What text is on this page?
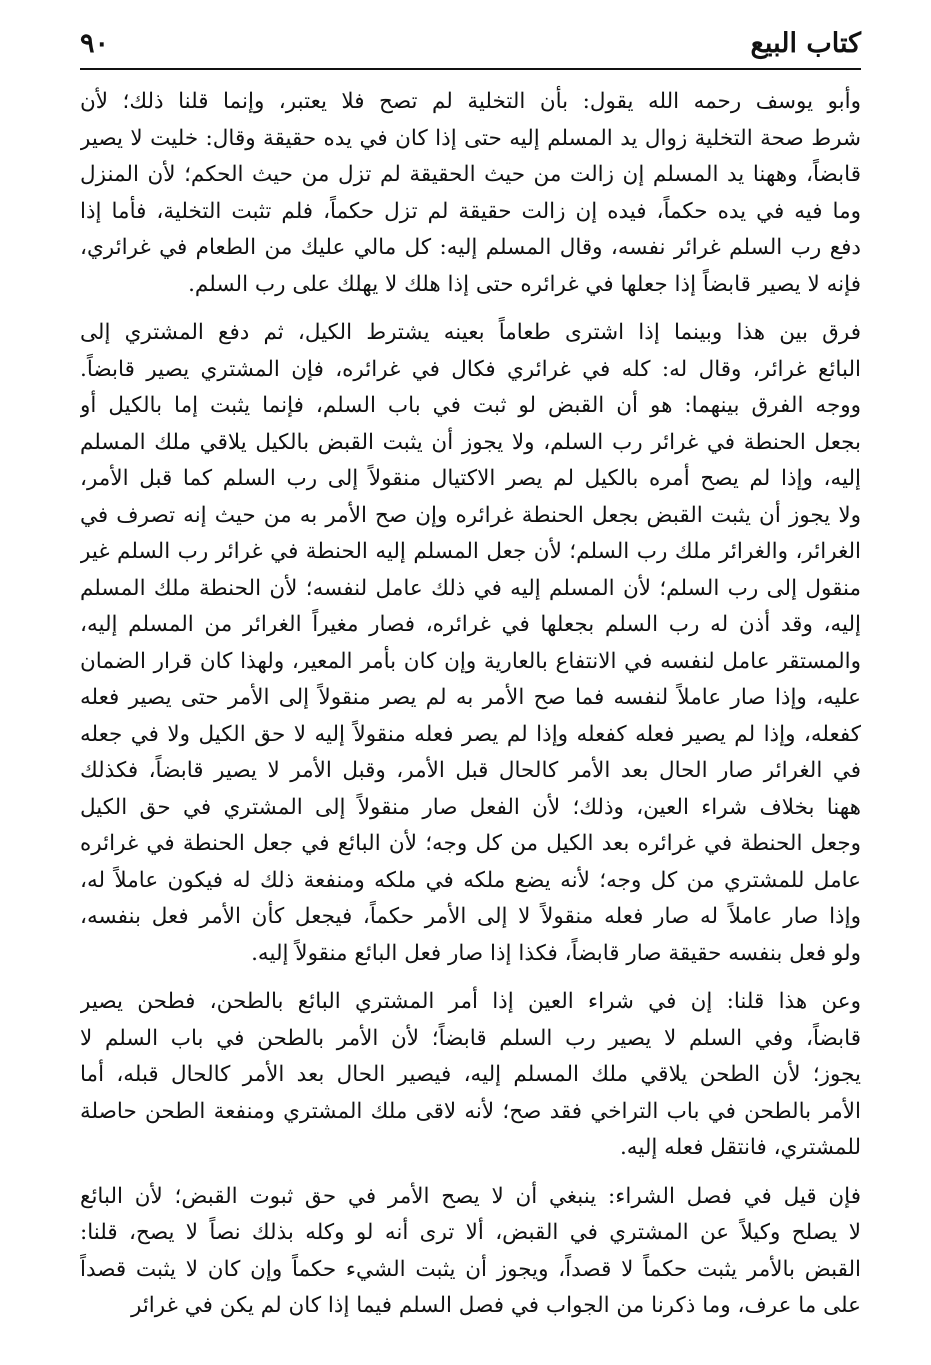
كتاب البيع
٩٠
وأبو يوسف رحمه الله يقول: بأن التخلية لم تصح فلا يعتبر، وإنما قلنا ذلك؛ لأن
شرط صحة التخلية زوال يد المسلم إليه حتى إذا كان في يده حقيقة وقال: خليت لا يصير
قابضاً، وههنا يد المسلم إن زالت من حيث الحقيقة لم تزل من حيث الحكم؛ لأن المنزل
وما فيه في يده حكماً، فيده إن زالت حقيقة لم تزل حكماً، فلم تثبت التخلية، فأما إذا
دفع رب السلم غرائر نفسه، وقال المسلم إليه: كل مالي عليك من الطعام في غرائري،
فإنه لا يصير قابضاً إذا جعلها في غرائره حتى إذا هلك لا يهلك على رب السلم.
فرق بين هذا وبينما إذا اشترى طعاماً بعينه يشترط الكيل، ثم دفع المشتري إلى
البائع غرائر، وقال له: كله في غرائري فكال في غرائره، فإن المشتري يصير قابضاً.
ووجه الفرق بينهما: هو أن القبض لو ثبت في باب السلم، فإنما يثبت إما بالكيل أو
بجعل الحنطة في غرائر رب السلم، ولا يجوز أن يثبت القبض بالكيل يلاقي ملك المسلم
إليه، وإذا لم يصح أمره بالكيل لم يصر الاكتيال منقولاً إلى رب السلم كما قبل الأمر،
ولا يجوز أن يثبت القبض بجعل الحنطة غرائره وإن صح الأمر به من حيث إنه تصرف في
الغرائر، والغرائر ملك رب السلم؛ لأن جعل المسلم إليه الحنطة في غرائر رب السلم غير
منقول إلى رب السلم؛ لأن المسلم إليه في ذلك عامل لنفسه؛ لأن الحنطة ملك المسلم
إليه، وقد أذن له رب السلم بجعلها في غرائره، فصار مغيراً الغرائر من المسلم إليه،
والمستقر عامل لنفسه في الانتفاع بالعارية وإن كان بأمر المعير، ولهذا كان قرار الضمان
عليه، وإذا صار عاملاً لنفسه فما صح الأمر به لم يصر منقولاً إلى الأمر حتى يصير فعله
كفعله، وإذا لم يصير فعله كفعله وإذا لم يصر فعله منقولاً إليه لا حق الكيل ولا في جعله
في الغرائر صار الحال بعد الأمر كالحال قبل الأمر، وقبل الأمر لا يصير قابضاً، فكذلك
ههنا بخلاف شراء العين، وذلك؛ لأن الفعل صار منقولاً إلى المشتري في حق الكيل
وجعل الحنطة في غرائره بعد الكيل من كل وجه؛ لأن البائع في جعل الحنطة في غرائره
عامل للمشتري من كل وجه؛ لأنه يضع ملكه في ملكه ومنفعة ذلك له فيكون عاملاً له،
وإذا صار عاملاً له صار فعله منقولاً لا إلى الأمر حكماً، فيجعل كأن الأمر فعل بنفسه،
ولو فعل بنفسه حقيقة صار قابضاً، فكذا إذا صار فعل البائع منقولاً إليه.
وعن هذا قلنا: إن في شراء العين إذا أمر المشتري البائع بالطحن، فطحن يصير
قابضاً، وفي السلم لا يصير رب السلم قابضاً؛ لأن الأمر بالطحن في باب السلم لا
يجوز؛ لأن الطحن يلاقي ملك المسلم إليه، فيصير الحال بعد الأمر كالحال قبله، أما
الأمر بالطحن في باب التراخي فقد صح؛ لأنه لاقى ملك المشتري ومنفعة الطحن حاصلة
للمشتري، فانتقل فعله إليه.
فإن قيل في فصل الشراء: ينبغي أن لا يصح الأمر في حق ثبوت القبض؛ لأن البائع
لا يصلح وكيلاً عن المشتري في القبض، ألا ترى أنه لو وكله بذلك نصاً لا يصح، قلنا:
القبض بالأمر يثبت حكماً لا قصداً، ويجوز أن يثبت الشيء حكماً وإن كان لا يثبت قصداً
على ما عرف، وما ذكرنا من الجواب في فصل السلم فيما إذا كان لم يكن في غرائر
